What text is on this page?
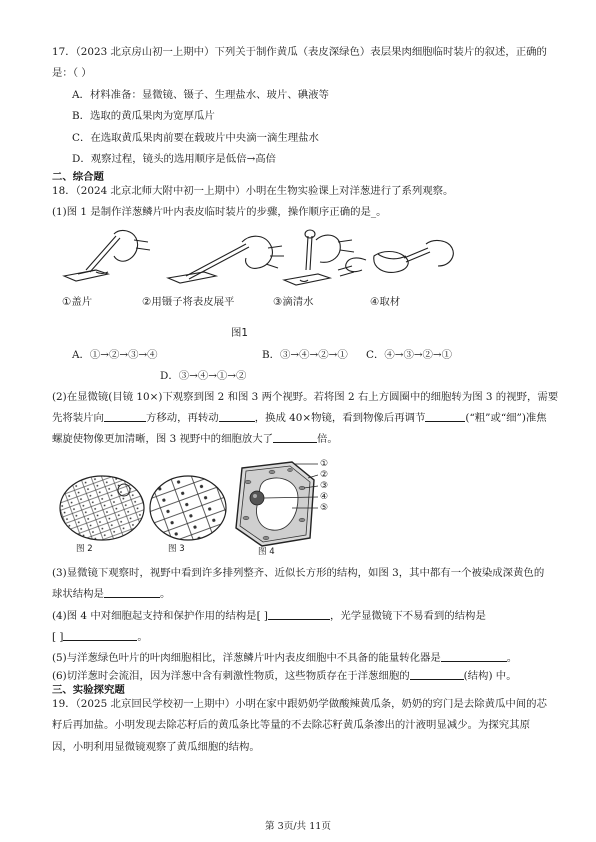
17．（2023 北京房山初一上期中）下列关于制作黄瓜（表皮深绿色）表层果肉细胞临时装片的叙述，正确的
是：（ ）
A．材料准备：显微镜、镊子、生理盐水、玻片、碘液等
B．选取的黄瓜果肉为宽厚瓜片
C．在选取黄瓜果肉前要在载玻片中央滴一滴生理盐水
D．观察过程，镜头的选用顺序是低倍→高倍
二、综合题
18．（2024 北京北师大附中初一上期中）小明在生物实验课上对洋葱进行了系列观察。
(1)图 1 是制作洋葱鳞片叶内表皮临时装片的步骤，操作顺序正确的是_。
①盖片	②用镊子将表皮展平	③滴清水	④取材
图1
A．①→②→③→④	B．③→④→②→① C．④→③→②→①
D．③→④→①→②
(2)在显微镜(目镜 10×)下观察到图 2 和图 3 两个视野。若将图 2 右上方圆圈中的细胞转为图 3 的视野，需要
先将装片向	方移动，再转动	，换成 40×物镜，看到物像后再调节	(“粗”或“细”)准焦
螺旋使物像更加清晰，图 3 视野中的细胞放大了	倍。
图 2	图 3
①
②
③
④
⑤
图 4
(3)显微镜下观察时，视野中看到许多排列整齐、近似长方形的结构，如图 3，其中都有一个被染成深黄色的
球状结构是	。
(4)图 4 中对细胞起支持和保护作用的结构是[ ]	，光学显微镜下不易看到的结构是
[ ]	。
(5)与洋葱绿色叶片的叶肉细胞相比，洋葱鳞片叶内表皮细胞中不具备的能量转化器是	。
(6)切洋葱时会流泪，因为洋葱中含有刺激性物质，这些物质存在于洋葱细胞的	(结构) 中。
三、实验探究题
19．（2025 北京回民学校初一上期中）小明在家中跟奶奶学做酸辣黄瓜条，奶奶的窍门是去除黄瓜中间的芯
籽后再加盐。小明发现去除芯籽后的黄瓜条比等量的不去除芯籽黄瓜条渗出的汁液明显减少。为探究其原
因，小明利用显微镜观察了黄瓜细胞的结构。
第 3页/共 11页
